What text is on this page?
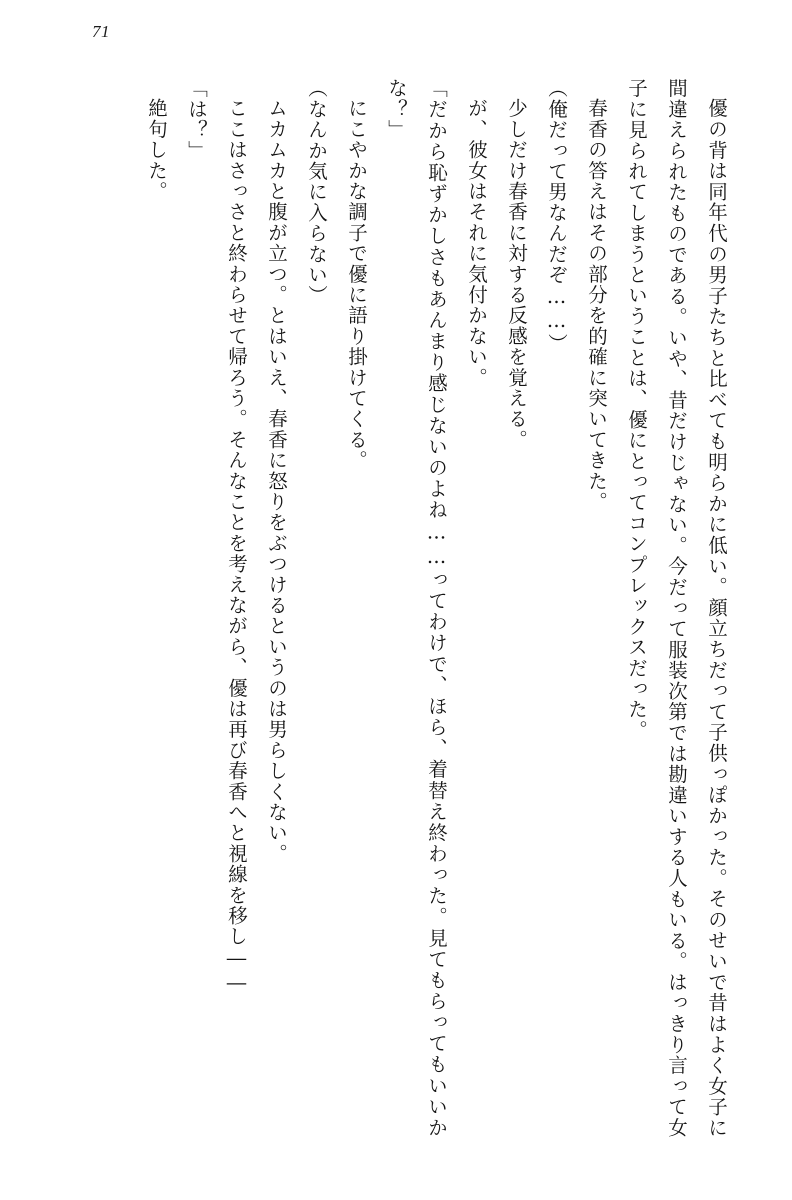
71

優の背は同年代の男子たちと比べても明らかに低い。顔立ちだって子供っぽかった。そのせいで昔はよく女子に間違えられたものである。いや、昔だけじゃない。今だって服装次第では勘違いする人もいる。はっきり言って女子に見られてしまうということは、優にとってコンプレックスだった。

春香の答えはその部分を的確に突いてきた。

（俺だって男なんだぞ……）

少しだけ春香に対する反感を覚える。

が、彼女はそれに気付かない。

「だから恥ずかしさもあんまり感じないのよね……ってわけで、ほら、着替え終わった。見てもらってもいいかな？」

にこやかな調子で優に語り掛けてくる。

（なんか気に入らない）

ムカムカと腹が立つ。とはいえ、春香に怒りをぶつけるというのは男らしくない。

ここはさっさと終わらせて帰ろう。そんなことを考えながら、優は再び春香へと視線を移し――

「は？」

絶句した。
